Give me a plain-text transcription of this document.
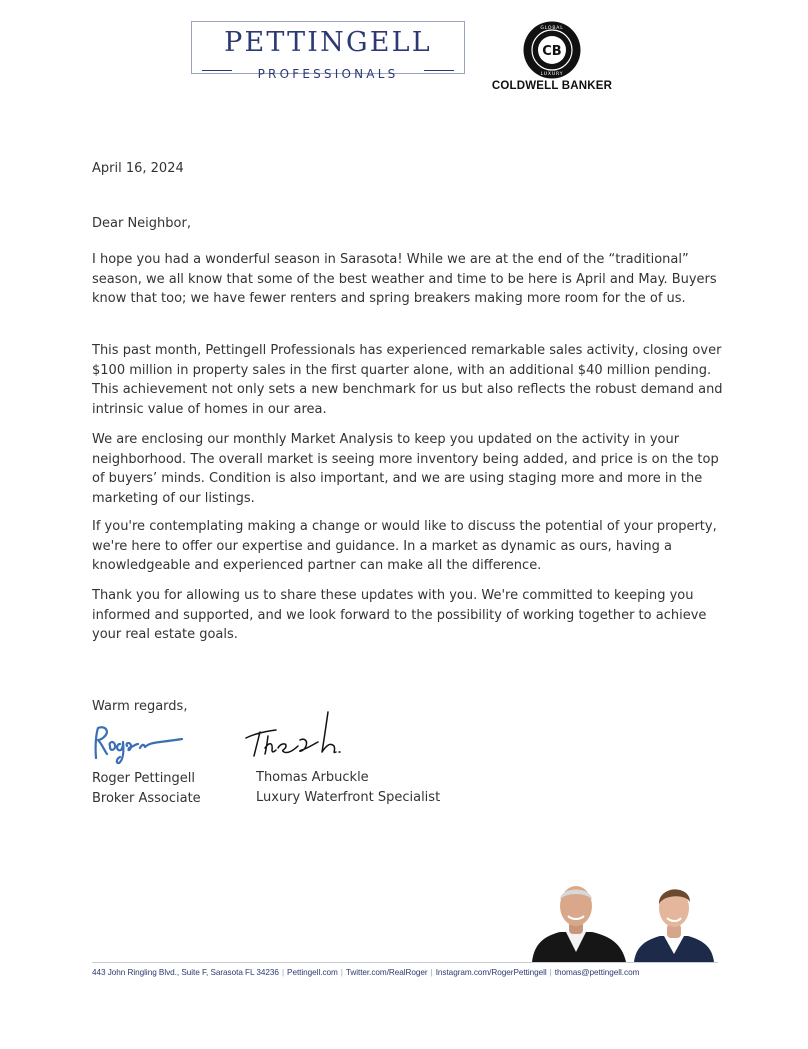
PETTINGELL
PROFESSIONALS
CB
GLOBAL
LUXURY
COLDWELL BANKER
April 16, 2024
Dear Neighbor,

I hope you had a wonderful season in Sarasota! While we are at the end of the “traditional” season, we all know that some of the best weather and time to be here is April and May. Buyers know that too; we have fewer renters and spring breakers making more room for the of us.

This past month, Pettingell Professionals has experienced remarkable sales activity, closing over $100 million in property sales in the first quarter alone, with an additional $40 million pending. This achievement not only sets a new benchmark for us but also reflects the robust demand and intrinsic value of homes in our area.

We are enclosing our monthly Market Analysis to keep you updated on the activity in your neighborhood. The overall market is seeing more inventory being added, and price is on the top of buyers’ minds. Condition is also important, and we are using staging more and more in the marketing of our listings.

If you're contemplating making a change or would like to discuss the potential of your property, we're here to offer our expertise and guidance. In a market as dynamic as ours, having a knowledgeable and experienced partner can make all the difference.

Thank you for allowing us to share these updates with you. We're committed to keeping you informed and supported, and we look forward to the possibility of working together to achieve your real estate goals.

Warm regards,
Roger Pettingell
Broker Associate
Thomas Arbuckle
Luxury Waterfront Specialist
443 John Ringling Blvd., Suite F, Sarasota FL 34236 | Pettingell.com | Twitter.com/RealRoger | Instagram.com/RogerPettingell | thomas@pettingell.com
